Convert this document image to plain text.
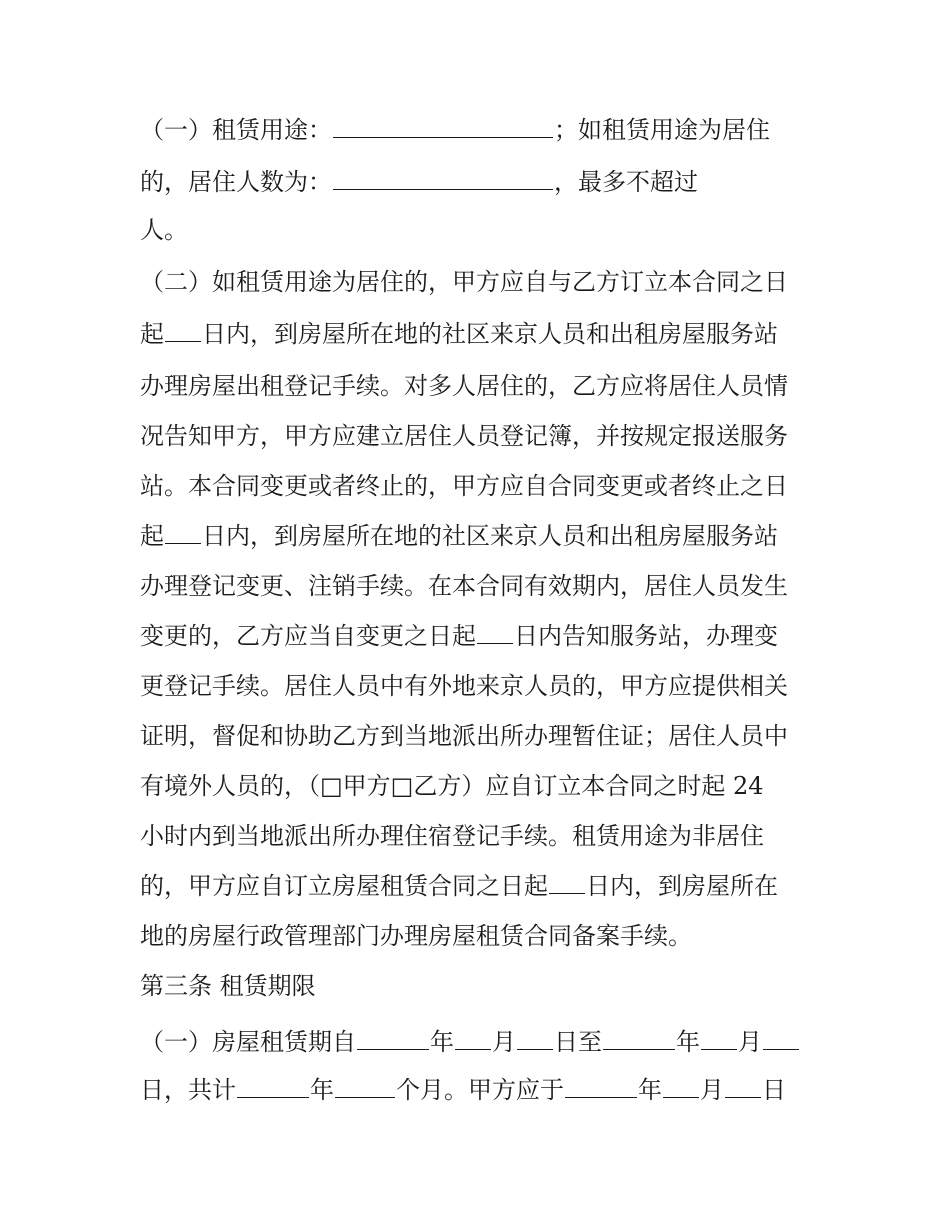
（一）租赁用途：	；如租赁用途为居住
的，居住人数为：	，最多不超过
人。
（二）如租赁用途为居住的，甲方应自与乙方订立本合同之日
起 日内，到房屋所在地的社区来京人员和出租房屋服务站
办理房屋出租登记手续。对多人居住的，乙方应将居住人员情
况告知甲方，甲方应建立居住人员登记簿，并按规定报送服务
站。本合同变更或者终止的，甲方应自合同变更或者终止之日
起 日内，到房屋所在地的社区来京人员和出租房屋服务站
办理登记变更、注销手续。在本合同有效期内，居住人员发生
变更的，乙方应当自变更之日起 日内告知服务站，办理变
更登记手续。居住人员中有外地来京人员的，甲方应提供相关
证明，督促和协助乙方到当地派出所办理暂住证；居住人员中
有境外人员的，（□甲方□乙方）应自订立本合同之时起 24
小时内到当地派出所办理住宿登记手续。租赁用途为非居住
的，甲方应自订立房屋租赁合同之日起 日内，到房屋所在
地的房屋行政管理部门办理房屋租赁合同备案手续。
第三条 租赁期限
（一）房屋租赁期自	年 月 日至	年 月
日，共计	年	个月。甲方应于	年 月 日
